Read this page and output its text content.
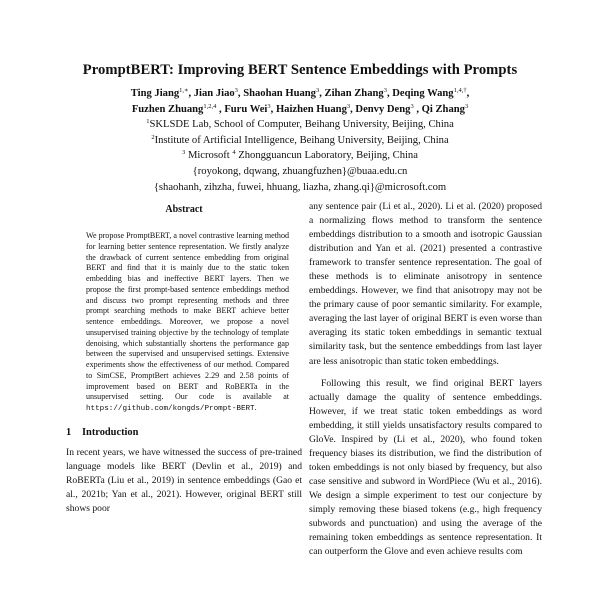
PromptBERT: Improving BERT Sentence Embeddings with Prompts
Ting Jiang$^{1,∗}$, Jian Jiao$^3$, Shaohan Huang$^3$, Zihan Zhang$^3$, Deqing Wang$^{1,4,\dagger}$,
Fuzhen Zhuang$^{1,2,4}$ , Furu Wei$^3$, Haizhen Huang$^3$, Denvy Deng$^3$ , Qi Zhang$^3$
$^1$SKLSDE Lab, School of Computer, Beihang University, Beijing, China
$^2$Institute of Artificial Intelligence, Beihang University, Beijing, China
$^3$ Microsoft $^4$ Zhongguancun Laboratory, Beijing, China
{royokong, dqwang, zhuangfuzhen}@buaa.edu.cn
{shaohanh, zihzha, fuwei, hhuang, liazha, zhang.qi}@microsoft.com
Abstract

We propose PromptBERT, a novel contrastive learning method for learning better sentence representation. We firstly analyze the drawback of current sentence embedding from original BERT and find that it is mainly due to the static token embedding bias and ineffective BERT layers. Then we propose the first prompt-based sentence embeddings method and discuss two prompt representing methods and three prompt searching methods to make BERT achieve better sentence embeddings. Moreover, we propose a novel unsupervised training objective by the technology of template denoising, which substantially shortens the performance gap between the supervised and unsupervised settings. Extensive experiments show the effectiveness of our method. Compared to SimCSE, PromptBert achieves 2.29 and 2.58 points of improvement based on BERT and RoBERTa in the unsupervised setting. Our code is available at https://github.com/kongds/Prompt-BERT.

1 Introduction

In recent years, we have witnessed the success of pre-trained language models like BERT (Devlin et al., 2019) and RoBERTa (Liu et al., 2019) in sentence embeddings (Gao et al., 2021b; Yan et al., 2021). However, original BERT still shows poor

any sentence pair (Li et al., 2020). Li et al. (2020) proposed a normalizing flows method to transform the sentence embeddings distribution to a smooth and isotropic Gaussian distribution and Yan et al. (2021) presented a contrastive framework to transfer sentence representation. The goal of these methods is to eliminate anisotropy in sentence embeddings. However, we find that anisotropy may not be the primary cause of poor semantic similarity. For example, averaging the last layer of original BERT is even worse than averaging its static token embeddings in semantic textual similarity task, but the sentence embeddings from last layer are less anisotropic than static token embeddings.

Following this result, we find original BERT layers actually damage the quality of sentence embeddings. However, if we treat static token embeddings as word embedding, it still yields unsatisfactory results compared to GloVe. Inspired by (Li et al., 2020), who found token frequency biases its distribution, we find the distribution of token embeddings is not only biased by frequency, but also case sensitive and subword in WordPiece (Wu et al., 2016). We design a simple experiment to test our conjecture by simply removing these biased tokens (e.g., high frequency subwords and punctuation) and using the average of the remaining token embeddings as sentence representation. It can outperform the Glove and even achieve results com
